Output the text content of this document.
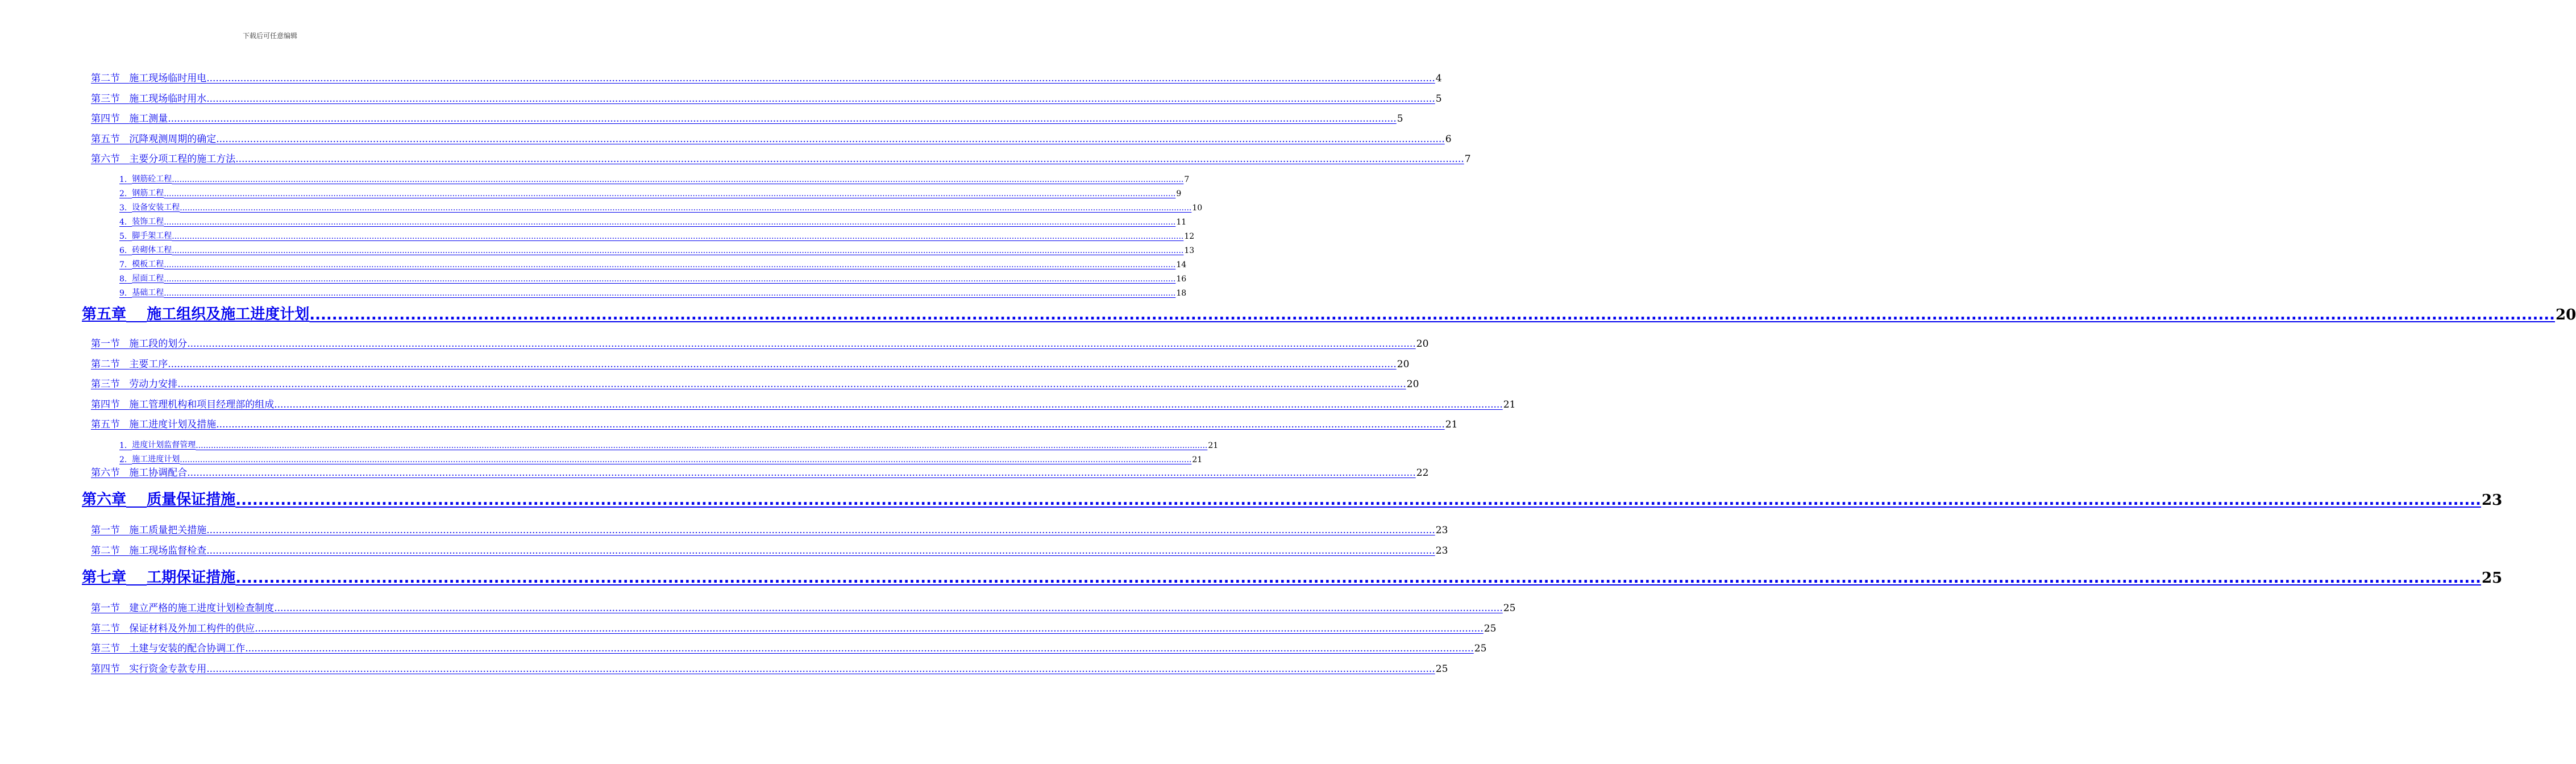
下载后可任意编辑
第二节
施工现场临时用电 ................................................................................................................................................................................................................................................................................................................................................................................................................ 4
第三节
施工现场临时用水 ................................................................................................................................................................................................................................................................................................................................................................................................................ 5
第四节
施工测量 ................................................................................................................................................................................................................................................................................................................................................................................................................ 5
第五节
沉降观测周期的确定 ................................................................................................................................................................................................................................................................................................................................................................................................................ 6
第六节
主要分项工程的施工方法 ................................................................................................................................................................................................................................................................................................................................................................................................................ 7
1.
钢筋砼工程 ................................................................................................................................................................................................................................................................................................................................................................................................................ 7
2.
钢筋工程 ................................................................................................................................................................................................................................................................................................................................................................................................................ 9
3.
设备安装工程 ................................................................................................................................................................................................................................................................................................................................................................................................................ 10
4.
装饰工程 ................................................................................................................................................................................................................................................................................................................................................................................................................ 11
5.
脚手架工程 ................................................................................................................................................................................................................................................................................................................................................................................................................ 12
6.
砖砌体工程 ................................................................................................................................................................................................................................................................................................................................................................................................................ 13
7.
模板工程 ................................................................................................................................................................................................................................................................................................................................................................................................................ 14
8.
屋面工程 ................................................................................................................................................................................................................................................................................................................................................................................................................ 16
9.
基础工程 ................................................................................................................................................................................................................................................................................................................................................................................................................ 18
第五章
施工组织及施工进度计划 ................................................................................................................................................................................................................................................................................................................................................................................................................ 20
第一节
施工段的划分 ................................................................................................................................................................................................................................................................................................................................................................................................................ 20
第二节
主要工序 ................................................................................................................................................................................................................................................................................................................................................................................................................ 20
第三节
劳动力安排 ................................................................................................................................................................................................................................................................................................................................................................................................................ 20
第四节
施工管理机构和项目经理部的组成 ................................................................................................................................................................................................................................................................................................................................................................................................................ 21
第五节
施工进度计划及措施 ................................................................................................................................................................................................................................................................................................................................................................................................................ 21
1.
进度计划监督管理 ................................................................................................................................................................................................................................................................................................................................................................................................................ 21
2.
施工进度计划 ................................................................................................................................................................................................................................................................................................................................................................................................................ 21
第六节
施工协调配合 ................................................................................................................................................................................................................................................................................................................................................................................................................ 22
第六章
质量保证措施 ................................................................................................................................................................................................................................................................................................................................................................................................................ 23
第一节
施工质量把关措施 ................................................................................................................................................................................................................................................................................................................................................................................................................ 23
第二节
施工现场监督检查 ................................................................................................................................................................................................................................................................................................................................................................................................................ 23
第七章
工期保证措施 ................................................................................................................................................................................................................................................................................................................................................................................................................ 25
第一节
建立严格的施工进度计划检查制度 ................................................................................................................................................................................................................................................................................................................................................................................................................ 25
第二节
保证材料及外加工构件的供应 ................................................................................................................................................................................................................................................................................................................................................................................................................ 25
第三节
土建与安装的配合协调工作 ................................................................................................................................................................................................................................................................................................................................................................................................................ 25
第四节
实行资金专款专用 ................................................................................................................................................................................................................................................................................................................................................................................................................ 25
